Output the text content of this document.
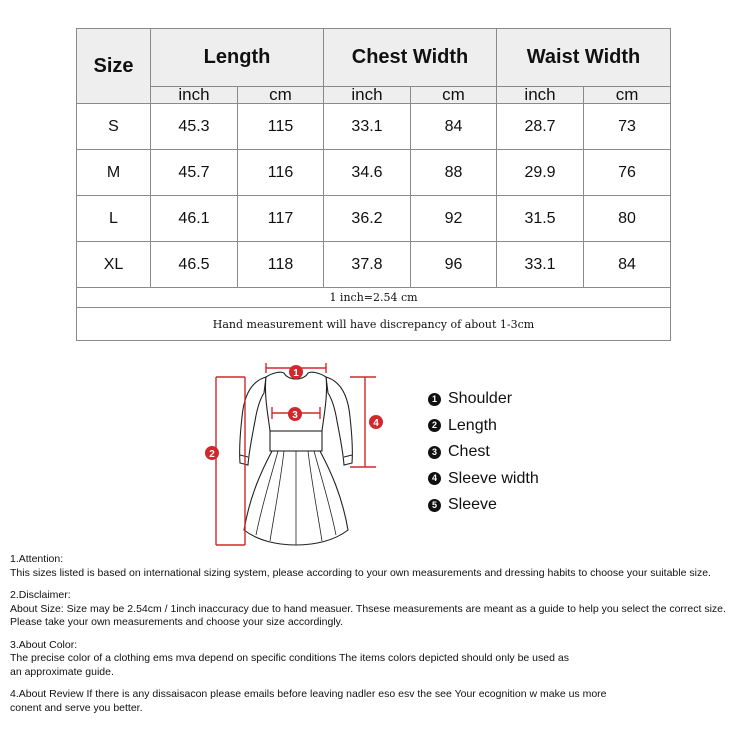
Size	Length		Chest Width		Waist Width	
	inch	cm	inch	cm	inch	cm
S	45.3	115	33.1	84	28.7	73
M	45.7	116	34.6	88	29.9	76
L	46.1	117	36.2	92	31.5	80
XL	46.5	118	37.8	96	33.1	84
1 inch=2.54 cm						
Hand measurement will have discrepancy of about 1-3cm						
1
2
3
4
1 Shoulder
2 Length
3 Chest
4 Sleeve width
5 Sleeve

1.Attention:

This sizes listed is based on international sizing system, please according to your own measurements and dressing habits to choose your suitable size.

2.Disclaimer:

About Size: Size may be 2.54cm / 1inch inaccuracy due to hand measuer. Thsese measurements are meant as a guide to help you select the correct size.

Please take your own measurements and choose your size accordingly.

3.About Color:

The precise color of a clothing ems mva depend on specific conditions The items colors depicted should only be used as

an approximate guide.

4.About Review If there is any dissaisacon please emails before leaving nadler eso esv the see Your ecognition w make us more

conent and serve you better.
